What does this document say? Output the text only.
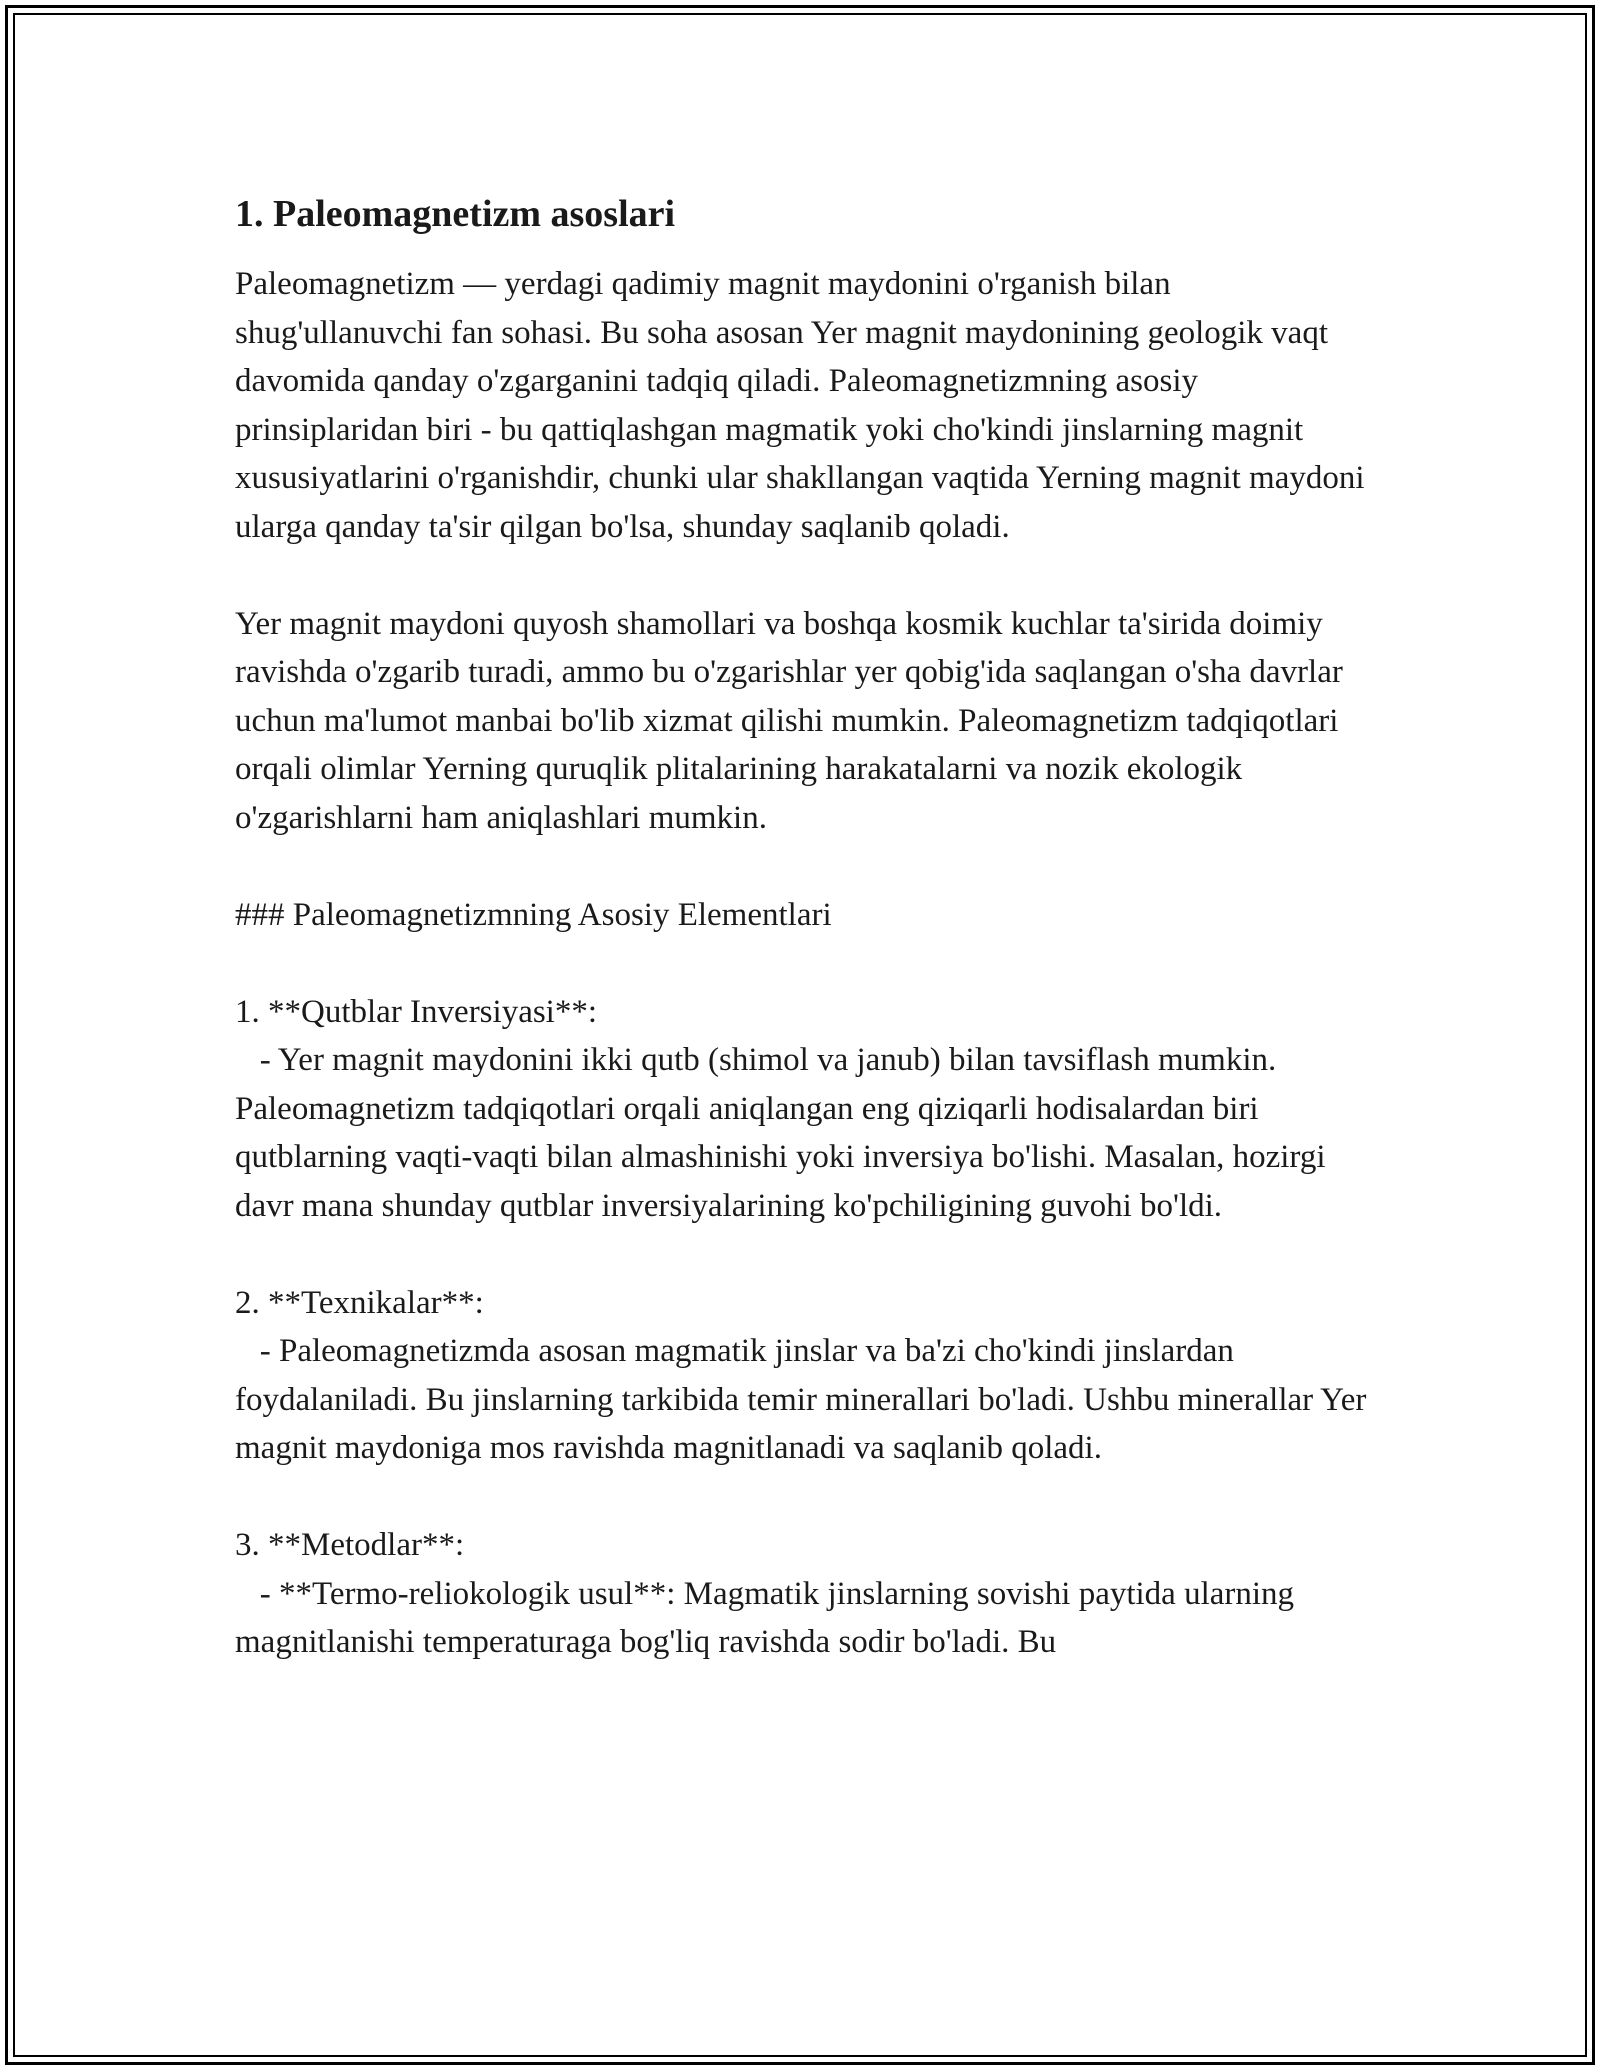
1. Paleomagnetizm asoslari

Paleomagnetizm — yerdagi qadimiy magnit maydonini o'rganish bilan shug'ullanuvchi fan sohasi. Bu soha asosan Yer magnit maydonining geologik vaqt davomida qanday o'zgarganini tadqiq qiladi. Paleomagnetizmning asosiy prinsiplaridan biri - bu qattiqlashgan magmatik yoki cho'kindi jinslarning magnit xususiyatlarini o'rganishdir, chunki ular shakllangan vaqtida Yerning magnit maydoni ularga qanday ta'sir qilgan bo'lsa, shunday saqlanib qoladi.

Yer magnit maydoni quyosh shamollari va boshqa kosmik kuchlar ta'sirida doimiy ravishda o'zgarib turadi, ammo bu o'zgarishlar yer qobig'ida saqlangan o'sha davrlar uchun ma'lumot manbai bo'lib xizmat qilishi mumkin. Paleomagnetizm tadqiqotlari orqali olimlar Yerning quruqlik plitalarining harakatalarni va nozik ekologik o'zgarishlarni ham aniqlashlari mumkin.

### Paleomagnetizmning Asosiy Elementlari

1. **Qutblar Inversiyasi**:
- Yer magnit maydonini ikki qutb (shimol va janub) bilan tavsiflash mumkin. Paleomagnetizm tadqiqotlari orqali aniqlangan eng qiziqarli hodisalardan biri qutblarning vaqti-vaqti bilan almashinishi yoki inversiya bo'lishi. Masalan, hozirgi davr mana shunday qutblar inversiyalarining ko'pchiligining guvohi bo'ldi.

2. **Texnikalar**:
- Paleomagnetizmda asosan magmatik jinslar va ba'zi cho'kindi jinslardan foydalaniladi. Bu jinslarning tarkibida temir minerallari bo'ladi. Ushbu minerallar Yer magnit maydoniga mos ravishda magnitlanadi va saqlanib qoladi.

3. **Metodlar**:
- **Termo-reliokologik usul**: Magmatik jinslarning sovishi paytida ularning magnitlanishi temperaturaga bog'liq ravishda sodir bo'ladi. Bu
